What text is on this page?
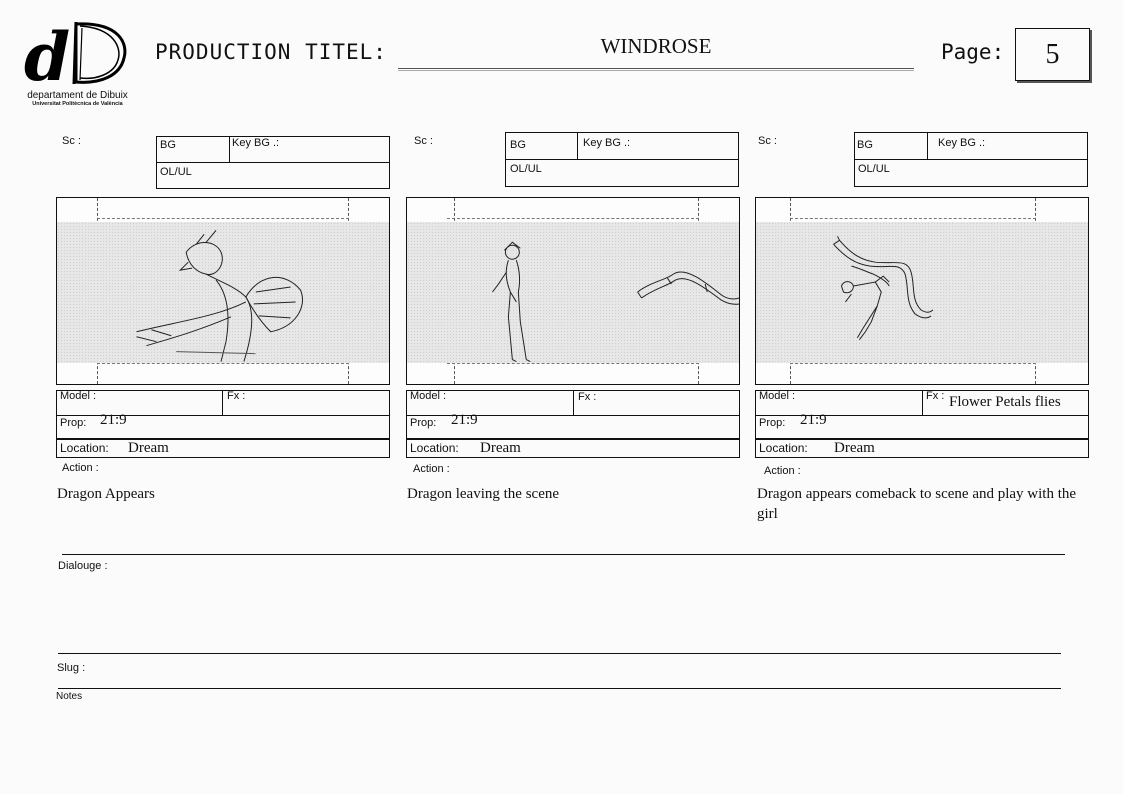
d
departament de Dibuix
Universitat Politècnica de València
PRODUCTION TITEL:	WINDROSE	Page:	5
Sc :	BG	Key BG .:
OL/UL
Model :	Fx :
Prop: 21:9
Location: Dream
Action :
Dragon Appears
Sc :	BG	Key BG .:
OL/UL
Model :	Fx :
Prop: 21:9
Location: Dream
Action :
Dragon leaving the scene
Sc :	BG	Key BG .:
OL/UL
Model :	Fx : Flower Petals flies
Prop: 21:9
Location: Dream
Action :
Dragon appears comeback to scene and play with the girl
Dialouge :
Slug :
Notes
